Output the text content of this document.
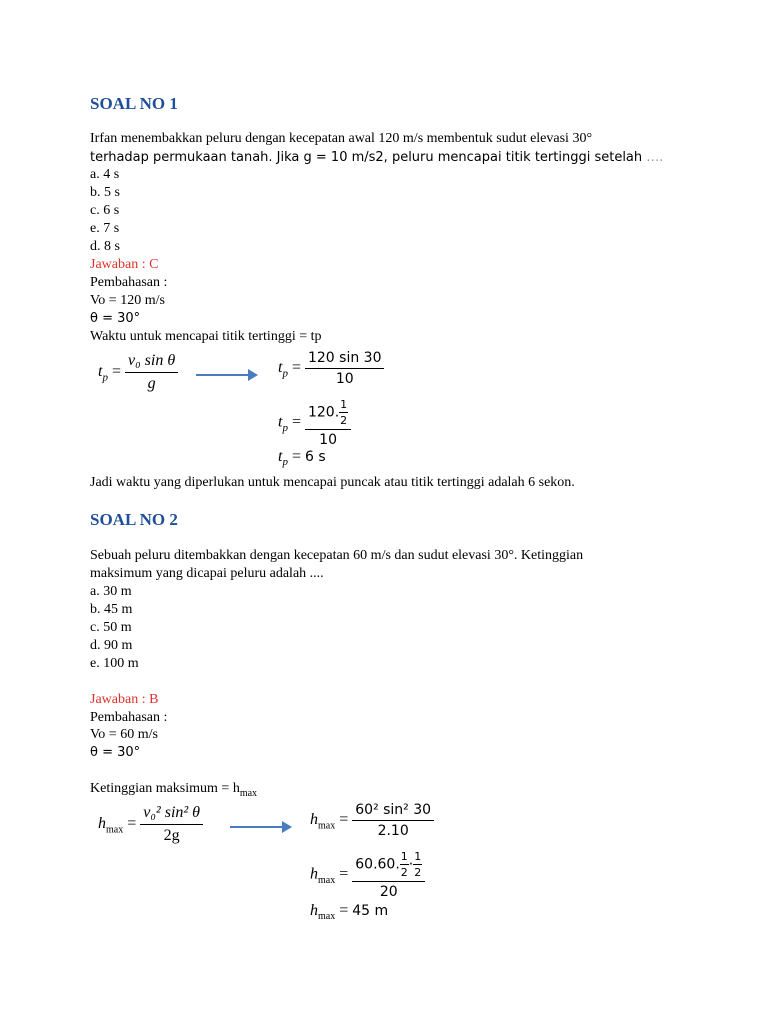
SOAL NO 1
Irfan menembakkan peluru dengan kecepatan awal 120 m/s membentuk sudut elevasi 30°
terhadap permukaan tanah. Jika g = 10 m/s2, peluru mencapai titik tertinggi setelah ….
a. 4 s
b. 5 s
c. 6 s
e. 7 s
d. 8 s
Jawaban : C
Pembahasan :
Vo = 120 m/s
θ = 30°
Waktu untuk mencapai titik tertinggi = tp
$t_p = \frac{\text{v₀ sin θ}}{g}$	$t_p = \frac{120 \sin 30}{10}$
$t_p = \frac{120. \frac{1}{2}}{10}$
$t_p = 6$ s
Jadi waktu yang diperlukan untuk mencapai puncak atau titik tertinggi adalah 6 sekon.
SOAL NO 2
Sebuah peluru ditembakkan dengan kecepatan 60 m/s dan sudut elevasi 30°. Ketinggian
maksimum yang dicapai peluru adalah ....
a. 30 m
b. 45 m
c. 50 m
d. 90 m
e. 100 m
Jawaban : B
Pembahasan :
Vo = 60 m/s
θ = 30°
Ketinggian maksimum = $h_{max}$
$h_{max} = \frac{\text{v₀² sin² θ}}{2g}$	$h_{max} = \frac{\text{60² sin² 30}}{2.10}$
$h_{max} = \frac{60.60. \frac{1}{2} \cdot \frac{1}{2}}{20}$
$h_{max} = 45$ m
